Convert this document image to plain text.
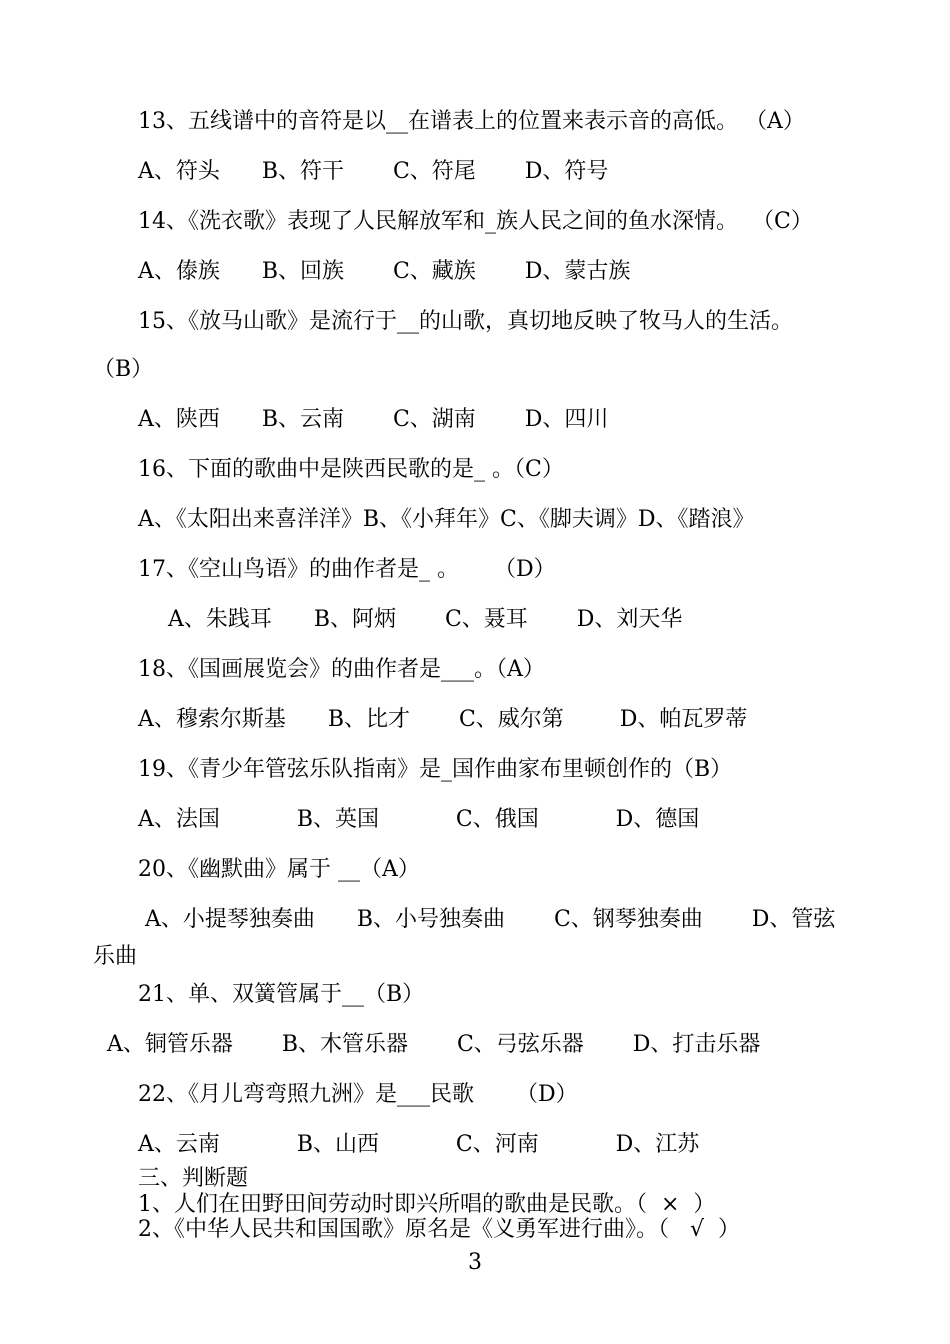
13、五线谱中的音符是以__在谱表上的位置来表示音的高低。 （A）
A、符头      B、符干       C、符尾       D、符号
14、《洗衣歌》表现了人民解放军和_族人民之间的鱼水深情。  （C）
A、傣族      B、回族       C、藏族       D、蒙古族
15、《放马山歌》是流行于__的山歌，真切地反映了牧马人的生活。
（B）
A、陕西      B、云南       C、湖南       D、四川
16、下面的歌曲中是陕西民歌的是_ 。（C）
A、《太阳出来喜洋洋》B、《小拜年》C、《脚夫调》D、《踏浪》
17、《空山鸟语》的曲作者是_ 。     （D）
A、朱践耳      B、阿炳       C、聂耳       D、刘天华
18、《国画展览会》的曲作者是___。（A）
A、穆索尔斯基      B、比才       C、威尔第        D、帕瓦罗蒂
19、《青少年管弦乐队指南》是_国作曲家布里顿创作的（B）
A、法国           B、英国           C、俄国           D、德国
20、《幽默曲》属于 __（A）
A、小提琴独奏曲      B、小号独奏曲       C、钢琴独奏曲       D、管弦
乐曲
21、单、双簧管属于__（B）
A、铜管乐器       B、木管乐器       C、弓弦乐器       D、打击乐器
22、《月儿弯弯照九洲》是___民歌      （D）
A、云南           B、山西           C、河南           D、江苏
三、判断题
1、人们在田野田间劳动时即兴所唱的歌曲是民歌。（  ×  ）
2、《中华人民共和国国歌》原名是《义勇军进行曲》。（   √  ）
3
